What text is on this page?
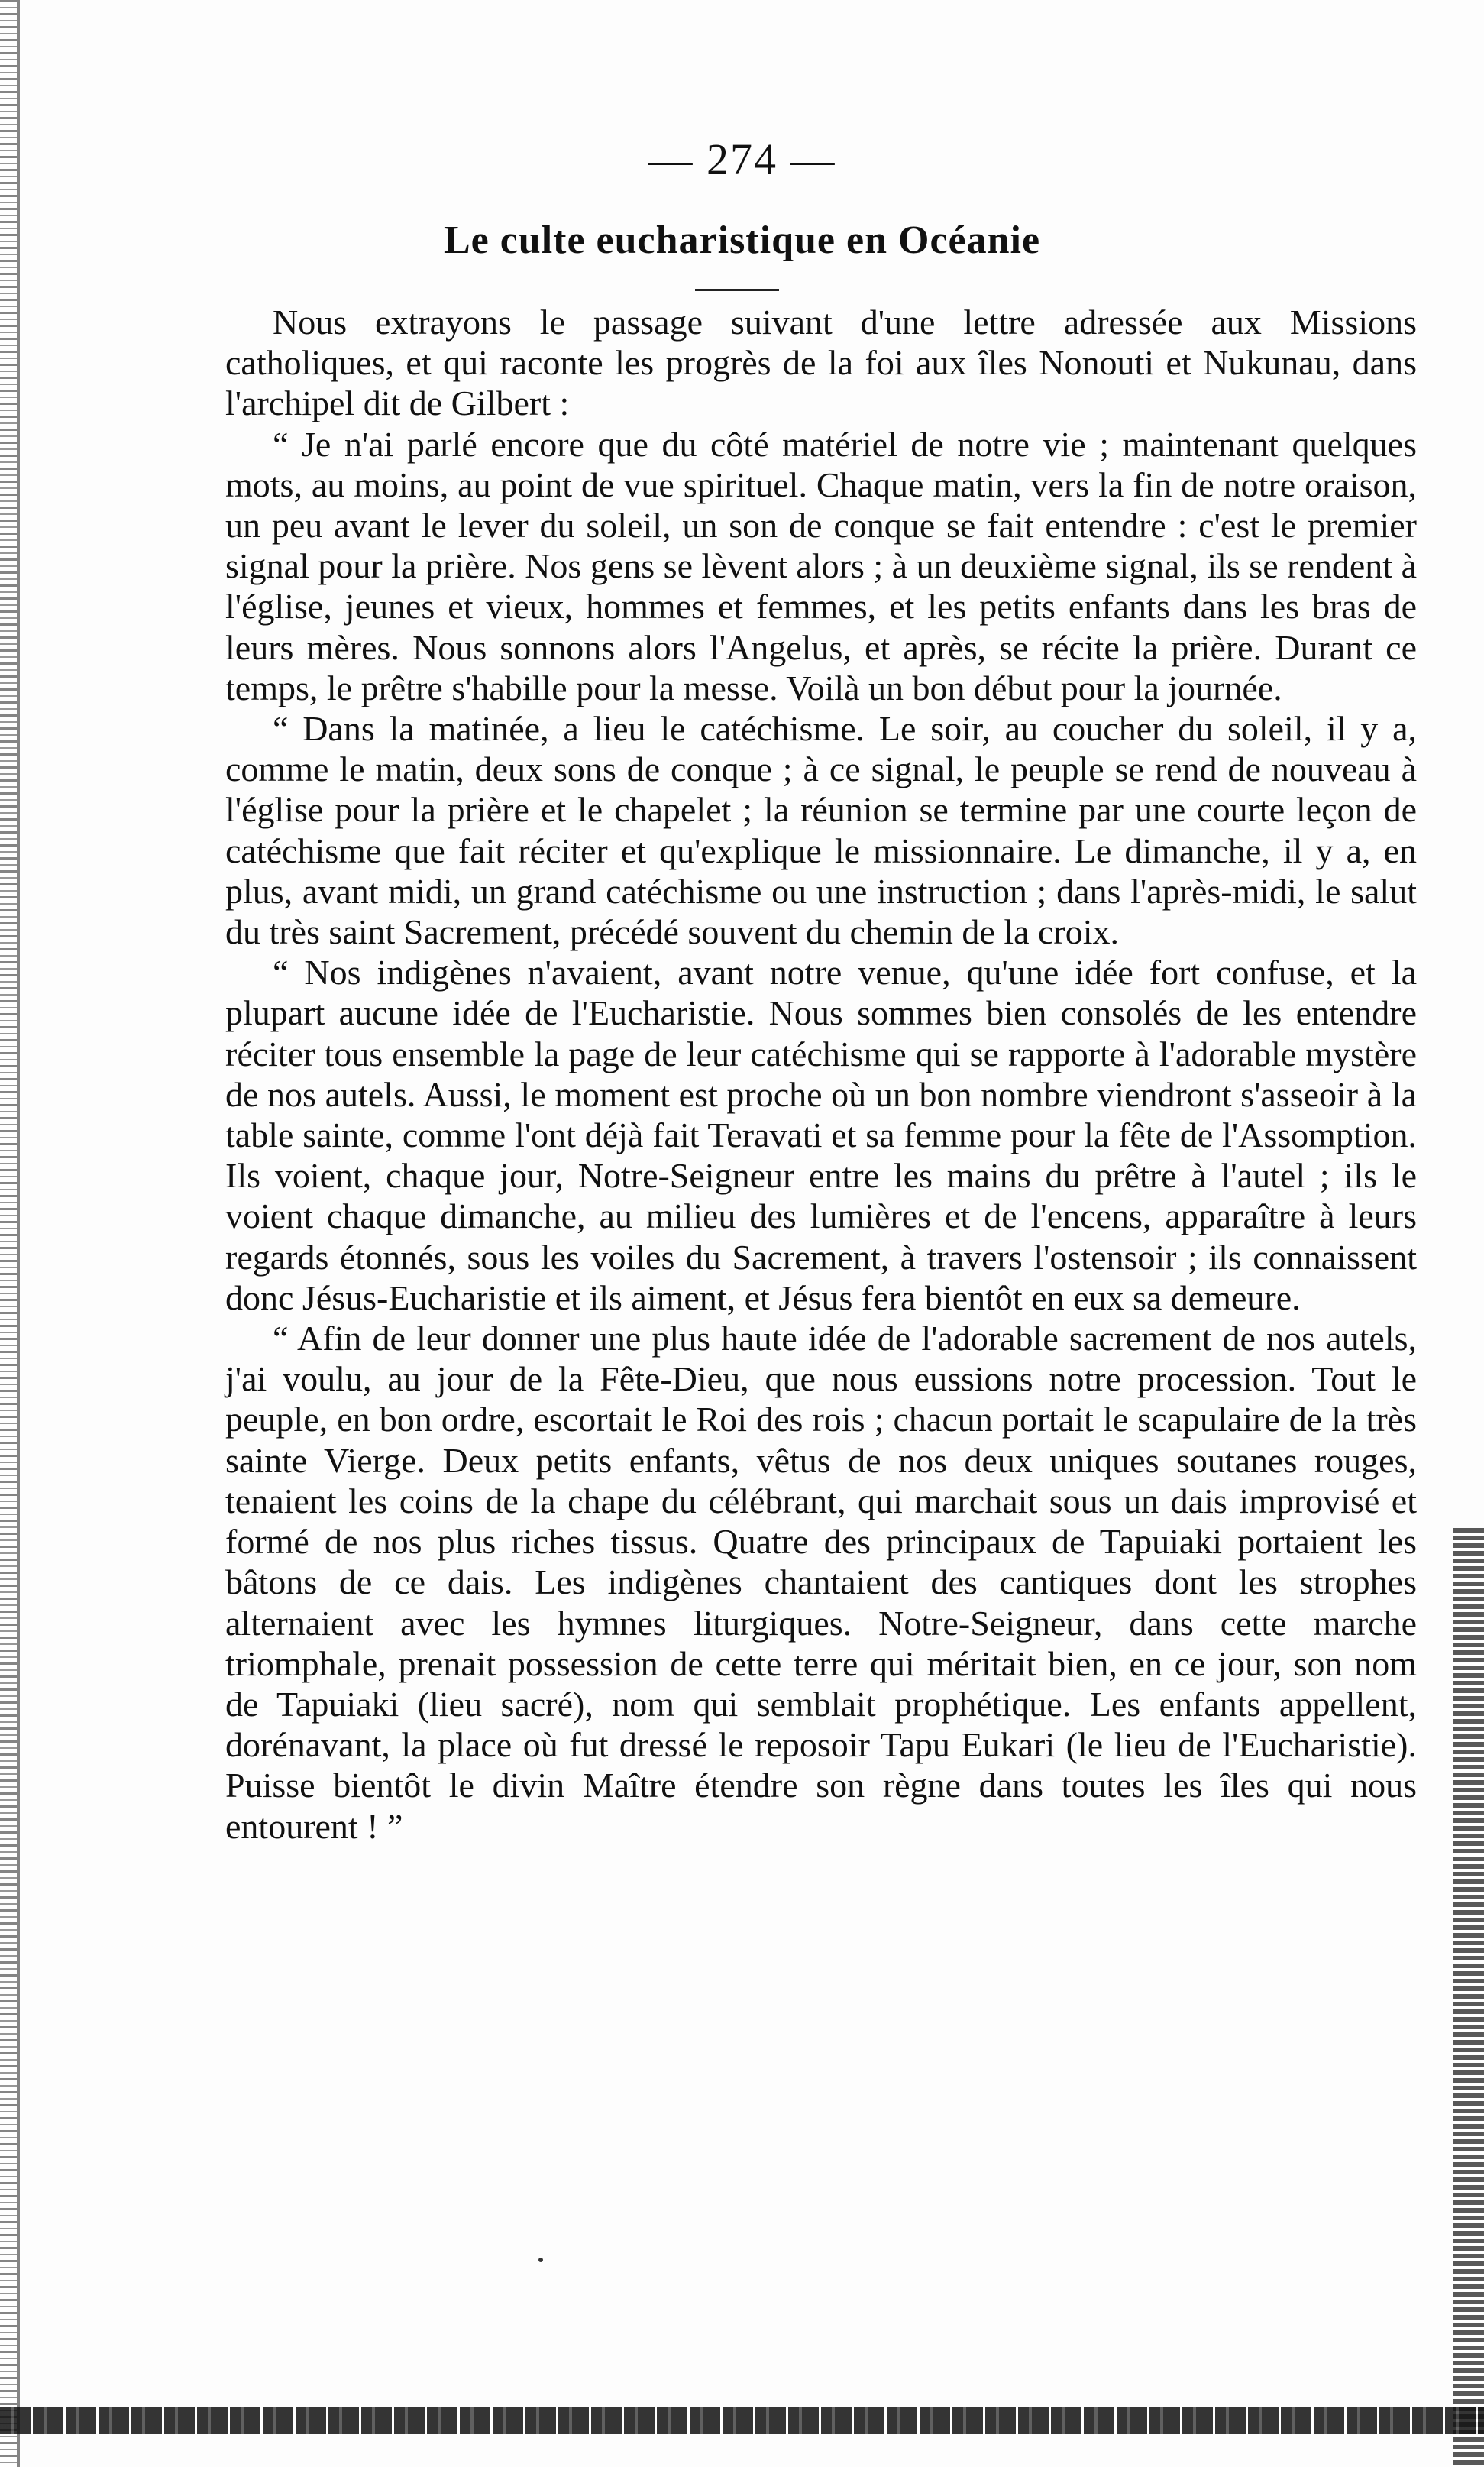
— 274 —
Le culte eucharistique en Océanie

Nous extrayons le passage suivant d'une lettre adressée aux Missions catholiques, et qui raconte les progrès de la foi aux îles Nonouti et Nukunau, dans l'archipel dit de Gilbert :

“ Je n'ai parlé encore que du côté matériel de notre vie ; maintenant quelques mots, au moins, au point de vue spirituel. Chaque matin, vers la fin de notre oraison, un peu avant le lever du soleil, un son de conque se fait entendre : c'est le premier signal pour la prière. Nos gens se lèvent alors ; à un deuxième signal, ils se rendent à l'église, jeunes et vieux, hommes et femmes, et les petits enfants dans les bras de leurs mères. Nous sonnons alors l'Angelus, et après, se récite la prière. Durant ce temps, le prêtre s'habille pour la messe. Voilà un bon début pour la journée.

“ Dans la matinée, a lieu le catéchisme. Le soir, au coucher du soleil, il y a, comme le matin, deux sons de conque ; à ce signal, le peuple se rend de nouveau à l'église pour la prière et le chapelet ; la réunion se termine par une courte leçon de catéchisme que fait réciter et qu'explique le missionnaire. Le dimanche, il y a, en plus, avant midi, un grand catéchisme ou une instruction ; dans l'après-midi, le salut du très saint Sacrement, précédé souvent du chemin de la croix.

“ Nos indigènes n'avaient, avant notre venue, qu'une idée fort confuse, et la plupart aucune idée de l'Eucharistie. Nous sommes bien consolés de les entendre réciter tous ensemble la page de leur catéchisme qui se rapporte à l'adorable mystère de nos autels. Aussi, le moment est proche où un bon nombre viendront s'asseoir à la table sainte, comme l'ont déjà fait Teravati et sa femme pour la fête de l'Assomption. Ils voient, chaque jour, Notre-Seigneur entre les mains du prêtre à l'autel ; ils le voient chaque dimanche, au milieu des lumières et de l'encens, apparaître à leurs regards étonnés, sous les voiles du Sacrement, à travers l'ostensoir ; ils connaissent donc Jésus-Eucharistie et ils aiment, et Jésus fera bientôt en eux sa demeure.

“ Afin de leur donner une plus haute idée de l'adorable sacrement de nos autels, j'ai voulu, au jour de la Fête-Dieu, que nous eussions notre procession. Tout le peuple, en bon ordre, escortait le Roi des rois ; chacun portait le scapulaire de la très sainte Vierge. Deux petits enfants, vêtus de nos deux uniques soutanes rouges, tenaient les coins de la chape du célébrant, qui marchait sous un dais improvisé et formé de nos plus riches tissus. Quatre des principaux de Tapuiaki portaient les bâtons de ce dais. Les indigènes chantaient des cantiques dont les strophes alternaient avec les hymnes liturgiques. Notre-Seigneur, dans cette marche triomphale, prenait possession de cette terre qui méritait bien, en ce jour, son nom de Tapuiaki (lieu sacré), nom qui semblait prophétique. Les enfants appellent, dorénavant, la place où fut dressé le reposoir Tapu Eukari (le lieu de l'Eucharistie). Puisse bientôt le divin Maître étendre son règne dans toutes les îles qui nous entourent ! ”
